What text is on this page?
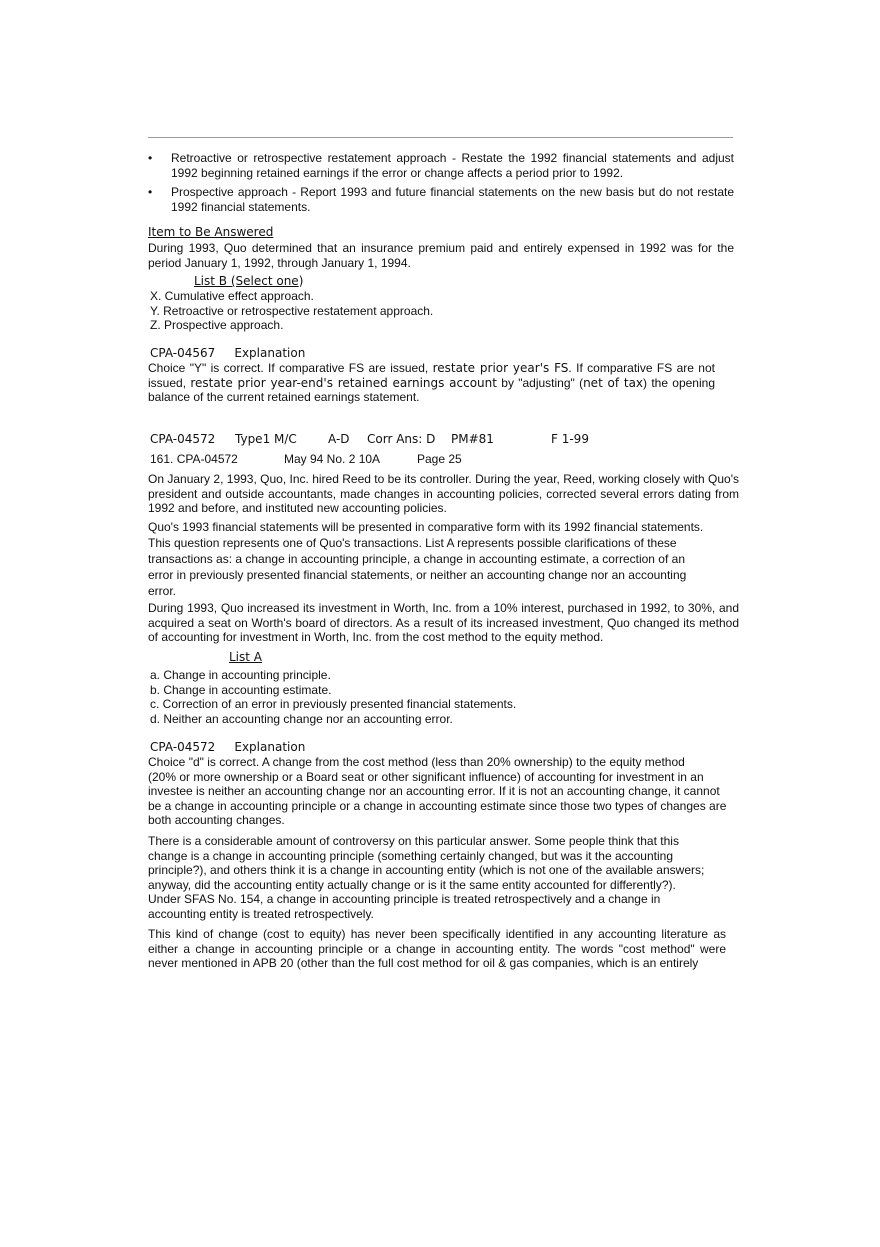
• Retroactive or retrospective restatement approach - Restate the 1992 financial statements and adjust 1992 beginning retained earnings if the error or change affects a period prior to 1992.

• Prospective approach - Report 1993 and future financial statements on the new basis but do not restate 1992 financial statements.

Item to Be Answered

During 1993, Quo determined that an insurance premium paid and entirely expensed in 1992 was for the period January 1, 1992, through January 1, 1994.

List B (Select one)
X. Cumulative effect approach.
Y. Retroactive or retrospective restatement approach.
Z. Prospective approach.
CPA-04567     Explanation

Choice "Y" is correct. If comparative FS are issued, restate prior year's FS. If comparative FS are not issued, restate prior year-end's retained earnings account by "adjusting" (net of tax) the opening balance of the current retained earnings statement.

CPA-04572 Type1 M/C	A-D Corr Ans: D PM#81	F 1-99
161. CPA-04572	May 94 No. 2 10A	Page 25

On January 2, 1993, Quo, Inc. hired Reed to be its controller. During the year, Reed, working closely with Quo's president and outside accountants, made changes in accounting policies, corrected several errors dating from 1992 and before, and instituted new accounting policies.

Quo's 1993 financial statements will be presented in comparative form with its 1992 financial statements.
This question represents one of Quo's transactions. List A represents possible clarifications of these
transactions as: a change in accounting principle, a change in accounting estimate, a correction of an
error in previously presented financial statements, or neither an accounting change nor an accounting
error.

During 1993, Quo increased its investment in Worth, Inc. from a 10% interest, purchased in 1992, to 30%, and acquired a seat on Worth's board of directors. As a result of its increased investment, Quo changed its method of accounting for investment in Worth, Inc. from the cost method to the equity method.

List A
a. Change in accounting principle.
b. Change in accounting estimate.
c. Correction of an error in previously presented financial statements.
d. Neither an accounting change nor an accounting error.
CPA-04572     Explanation
Choice "d" is correct. A change from the cost method (less than 20% ownership) to the equity method
(20% or more ownership or a Board seat or other significant influence) of accounting for investment in an
investee is neither an accounting change nor an accounting error. If it is not an accounting change, it cannot
be a change in accounting principle or a change in accounting estimate since those two types of changes are
both accounting changes.
There is a considerable amount of controversy on this particular answer. Some people think that this
change is a change in accounting principle (something certainly changed, but was it the accounting
principle?), and others think it is a change in accounting entity (which is not one of the available answers;
anyway, did the accounting entity actually change or is it the same entity accounted for differently?).
Under SFAS No. 154, a change in accounting principle is treated retrospectively and a change in
accounting entity is treated retrospectively.

This kind of change (cost to equity) has never been specifically identified in any accounting literature as either a change in accounting principle or a change in accounting entity. The words "cost method" were never mentioned in APB 20 (other than the full cost method for oil & gas companies, which is an entirely
